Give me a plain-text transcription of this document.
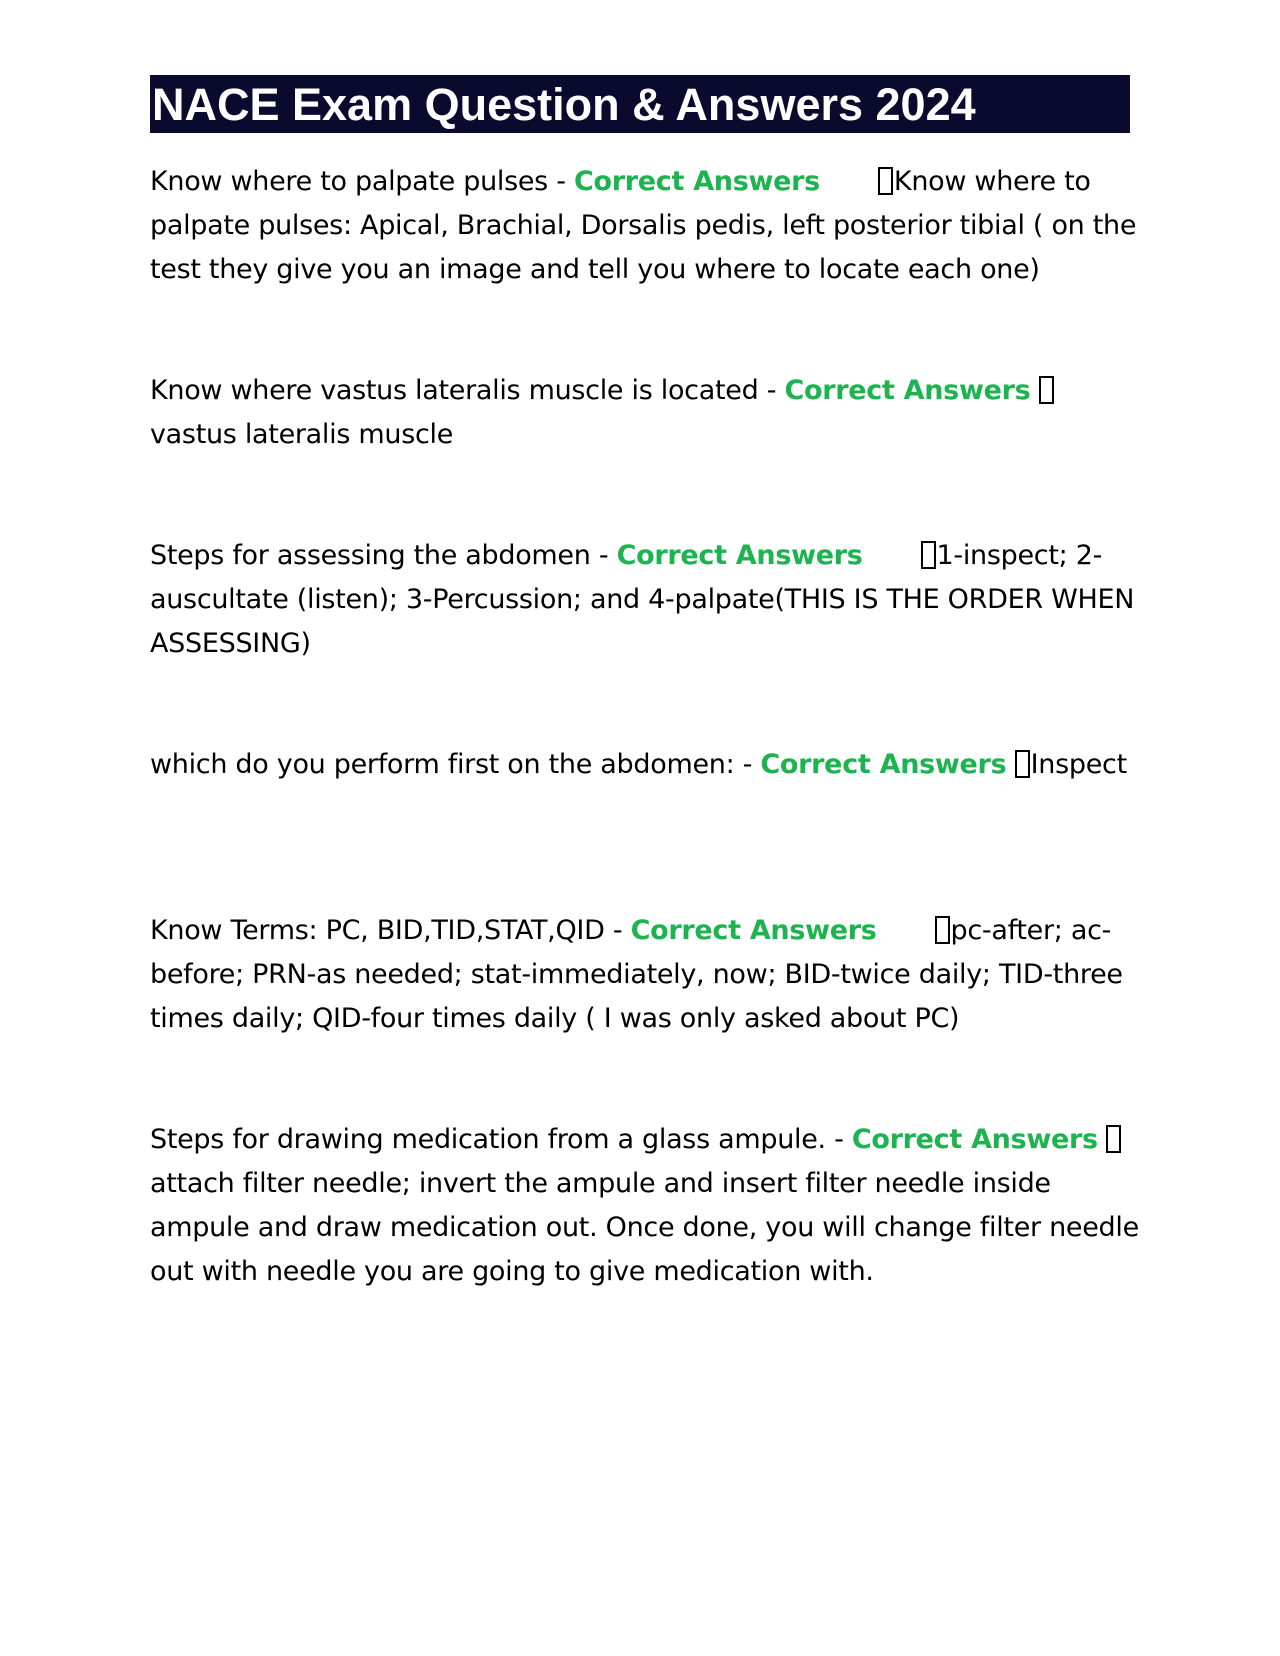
NACE Exam Question & Answers 2024

Know where to palpate pulses - Correct Answers	Know where to palpate pulses: Apical, Brachial, Dorsalis pedis, left posterior tibial ( on the test they give you an image and tell you where to locate each one)

Know where vastus lateralis muscle is located - Correct Answers vastus lateralis muscle

Steps for assessing the abdomen - Correct Answers	1-inspect; 2-auscultate (listen); 3-Percussion; and 4-palpate(THIS IS THE ORDER WHEN ASSESSING)

which do you perform first on the abdomen: - Correct Answers Inspect

Know Terms: PC, BID,TID,STAT,QID - Correct Answers	pc-after; ac-before; PRN-as needed; stat-immediately, now; BID-twice daily; TID-three times daily; QID-four times daily ( I was only asked about PC)

Steps for drawing medication from a glass ampule. - Correct Answers attach filter needle; invert the ampule and insert filter needle inside ampule and draw medication out. Once done, you will change filter needle out with needle you are going to give medication with.
